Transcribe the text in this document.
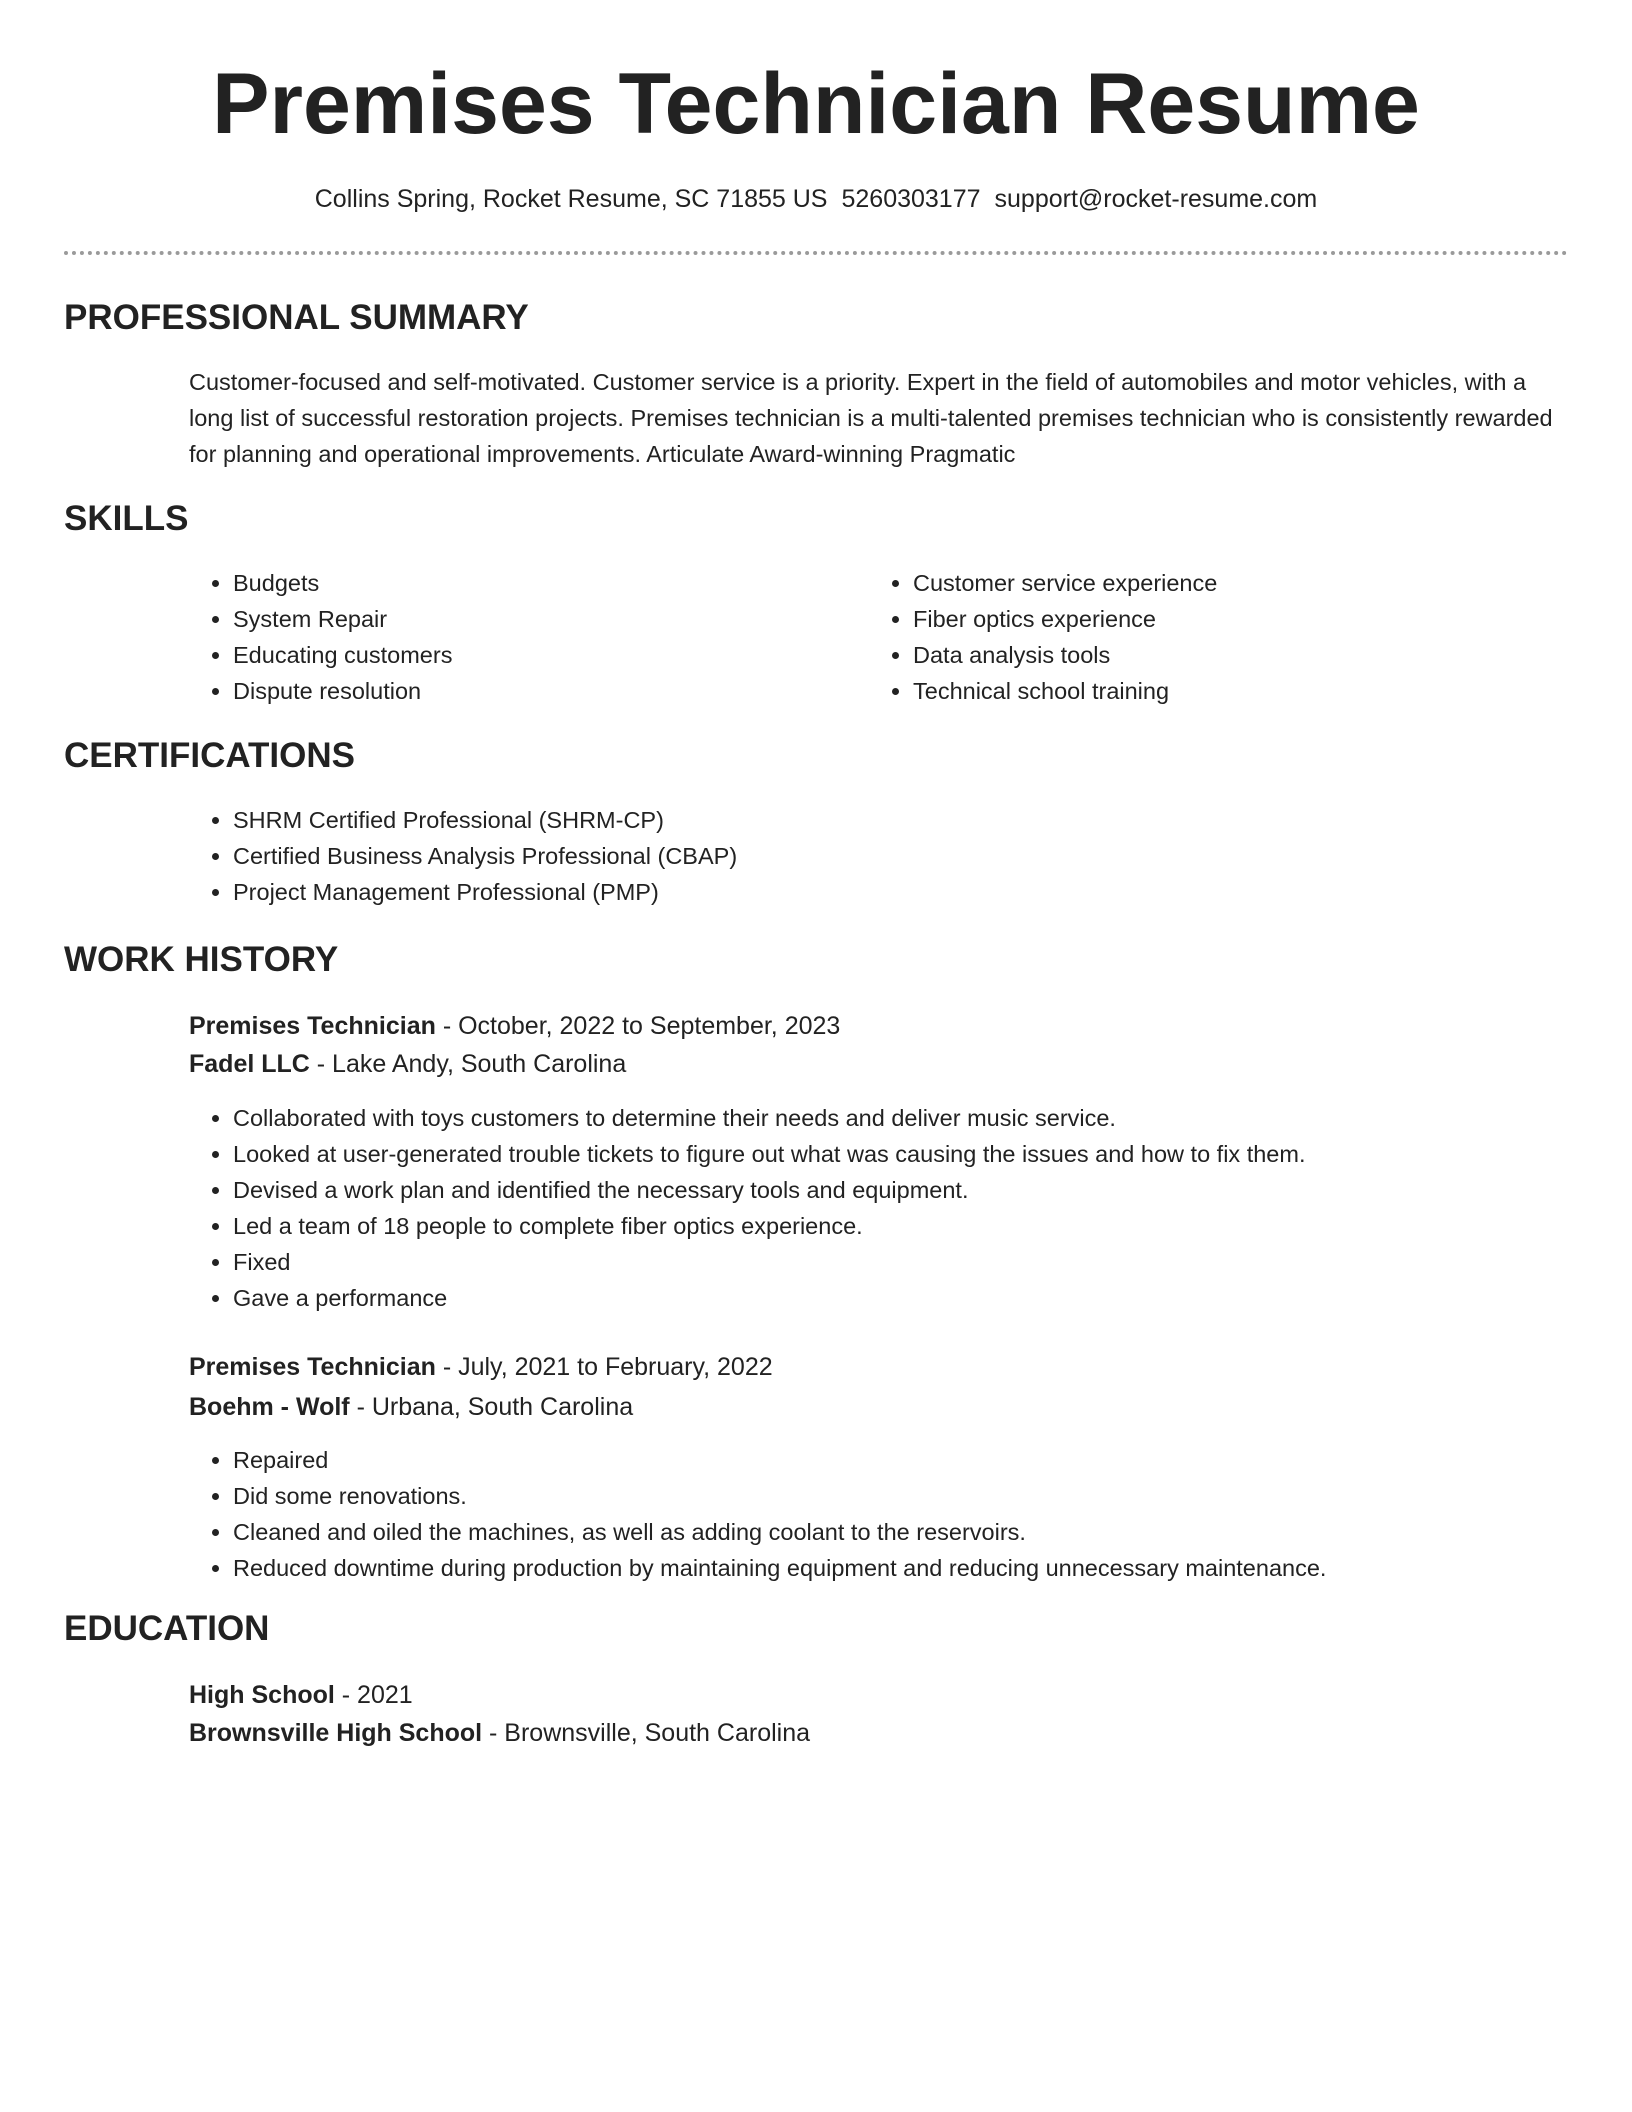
Premises Technician Resume
Collins Spring, Rocket Resume, SC 71855 US 5260303177 support@rocket-resume.com
PROFESSIONAL SUMMARY

Customer-focused and self-motivated. Customer service is a priority. Expert in the field of automobiles and motor vehicles, with a long list of successful restoration projects. Premises technician is a multi-talented premises technician who is consistently rewarded for planning and operational improvements. Articulate Award-winning Pragmatic

SKILLS
• Budgets
• System Repair
• Educating customers
• Dispute resolution
• Customer service experience
• Fiber optics experience
• Data analysis tools
• Technical school training
CERTIFICATIONS
• SHRM Certified Professional (SHRM-CP)
• Certified Business Analysis Professional (CBAP)
• Project Management Professional (PMP)
WORK HISTORY
Premises Technician - October, 2022 to September, 2023
Fadel LLC - Lake Andy, South Carolina
• Collaborated with toys customers to determine their needs and deliver music service.
• Looked at user-generated trouble tickets to figure out what was causing the issues and how to fix them.
• Devised a work plan and identified the necessary tools and equipment.
• Led a team of 18 people to complete fiber optics experience.
• Fixed
• Gave a performance
Premises Technician - July, 2021 to February, 2022
Boehm - Wolf - Urbana, South Carolina
• Repaired
• Did some renovations.
• Cleaned and oiled the machines, as well as adding coolant to the reservoirs.
• Reduced downtime during production by maintaining equipment and reducing unnecessary maintenance.
EDUCATION
High School - 2021
Brownsville High School - Brownsville, South Carolina
